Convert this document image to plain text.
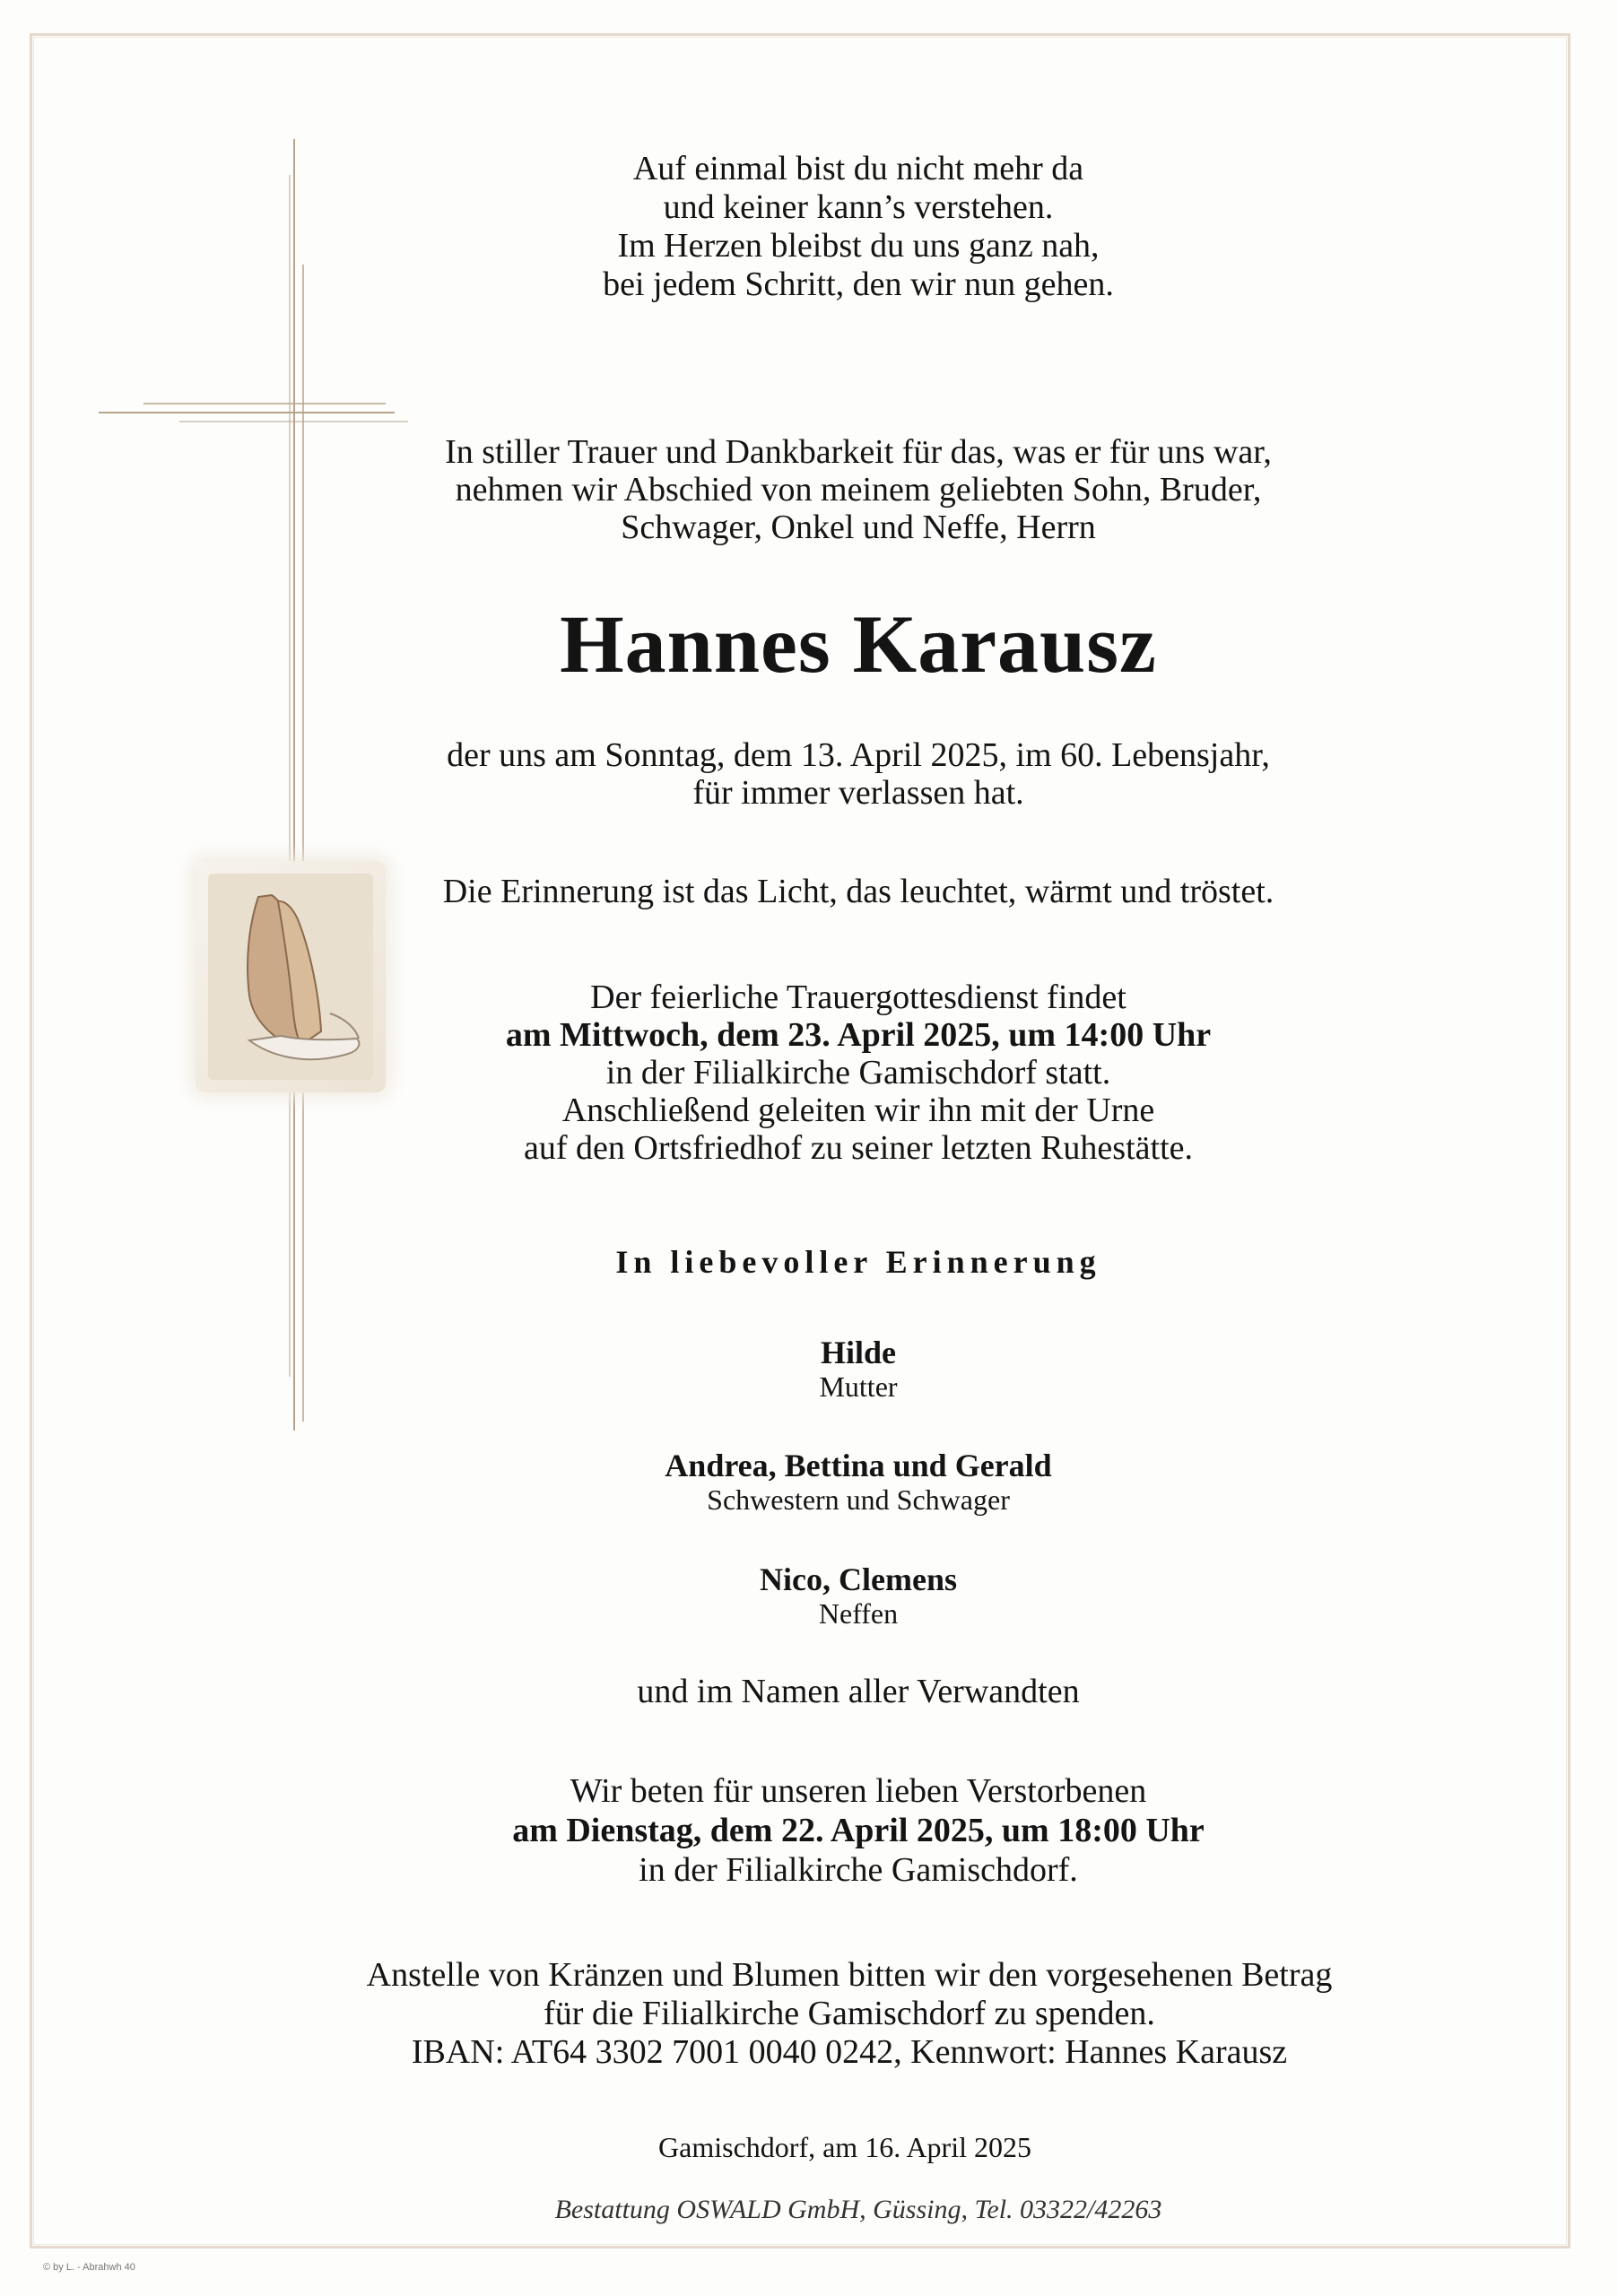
Auf einmal bist du nicht mehr da
und keiner kann’s verstehen.
Im Herzen bleibst du uns ganz nah,
bei jedem Schritt, den wir nun gehen.
In stiller Trauer und Dankbarkeit für das, was er für uns war,
nehmen wir Abschied von meinem geliebten Sohn, Bruder,
Schwager, Onkel und Neffe, Herrn
Hannes Karausz
der uns am Sonntag, dem 13. April 2025, im 60. Lebensjahr,
für immer verlassen hat.
Die Erinnerung ist das Licht, das leuchtet, wärmt und tröstet.
Der feierliche Trauergottesdienst findet
am Mittwoch, dem 23. April 2025, um 14:00 Uhr
in der Filialkirche Gamischdorf statt.
Anschließend geleiten wir ihn mit der Urne
auf den Ortsfriedhof zu seiner letzten Ruhestätte.
In liebevoller Erinnerung
Hilde
Mutter
Andrea, Bettina und Gerald
Schwestern und Schwager
Nico, Clemens
Neffen
und im Namen aller Verwandten
Wir beten für unseren lieben Verstorbenen
am Dienstag, dem 22. April 2025, um 18:00 Uhr
in der Filialkirche Gamischdorf.
Anstelle von Kränzen und Blumen bitten wir den vorgesehenen Betrag
für die Filialkirche Gamischdorf zu spenden.
IBAN: AT64 3302 7001 0040 0242, Kennwort: Hannes Karausz
Gamischdorf, am 16. April 2025
Bestattung OSWALD GmbH, Güssing, Tel. 03322/42263
© by L. - Abrahwh 40
